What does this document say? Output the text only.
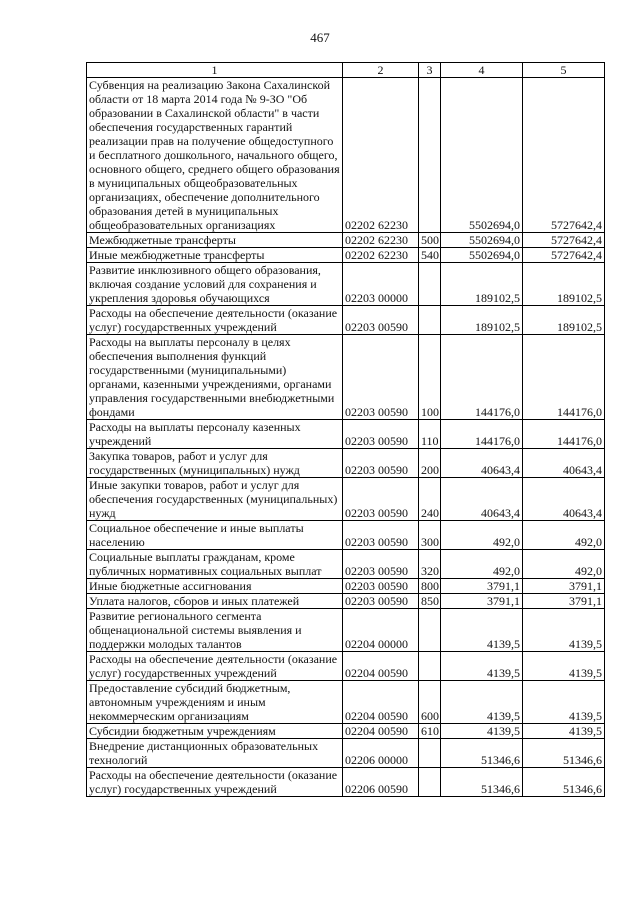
467
1	2	3	4	5
Субвенция на реализацию Закона Сахалинской области от 18 марта 2014 года № 9-ЗО "Об образовании в Сахалинской области" в части обеспечения государственных гарантий реализации прав на получение общедоступного и бесплатного дошкольного, начального общего, основного общего, среднего общего образования в муниципальных общеобразовательных организациях, обеспечение дополнительного образования детей в муниципальных общеобразовательных организациях	02202 62230		5502694,0	5727642,4
Межбюджетные трансферты	02202 62230	500	5502694,0	5727642,4
Иные межбюджетные трансферты	02202 62230	540	5502694,0	5727642,4
Развитие инклюзивного общего образования, включая создание условий для сохранения и укрепления здоровья обучающихся	02203 00000		189102,5	189102,5
Расходы на обеспечение деятельности (оказание услуг) государственных учреждений	02203 00590		189102,5	189102,5
Расходы на выплаты персоналу в целях обеспечения выполнения функций государственными (муниципальными) органами, казенными учреждениями, органами управления государственными внебюджетными фондами	02203 00590	100	144176,0	144176,0
Расходы на выплаты персоналу казенных учреждений	02203 00590	110	144176,0	144176,0
Закупка товаров, работ и услуг для государственных (муниципальных) нужд	02203 00590	200	40643,4	40643,4
Иные закупки товаров, работ и услуг для обеспечения государственных (муниципальных) нужд	02203 00590	240	40643,4	40643,4
Социальное обеспечение и иные выплаты населению	02203 00590	300	492,0	492,0
Социальные выплаты гражданам, кроме публичных нормативных социальных выплат	02203 00590	320	492,0	492,0
Иные бюджетные ассигнования	02203 00590	800	3791,1	3791,1
Уплата налогов, сборов и иных платежей	02203 00590	850	3791,1	3791,1
Развитие регионального сегмента общенациональной системы выявления и поддержки молодых талантов	02204 00000		4139,5	4139,5
Расходы на обеспечение деятельности (оказание услуг) государственных учреждений	02204 00590		4139,5	4139,5
Предоставление субсидий бюджетным, автономным учреждениям и иным некоммерческим организациям	02204 00590	600	4139,5	4139,5
Субсидии бюджетным учреждениям	02204 00590	610	4139,5	4139,5
Внедрение дистанционных образовательных технологий	02206 00000		51346,6	51346,6
Расходы на обеспечение деятельности (оказание услуг) государственных учреждений	02206 00590		51346,6	51346,6
